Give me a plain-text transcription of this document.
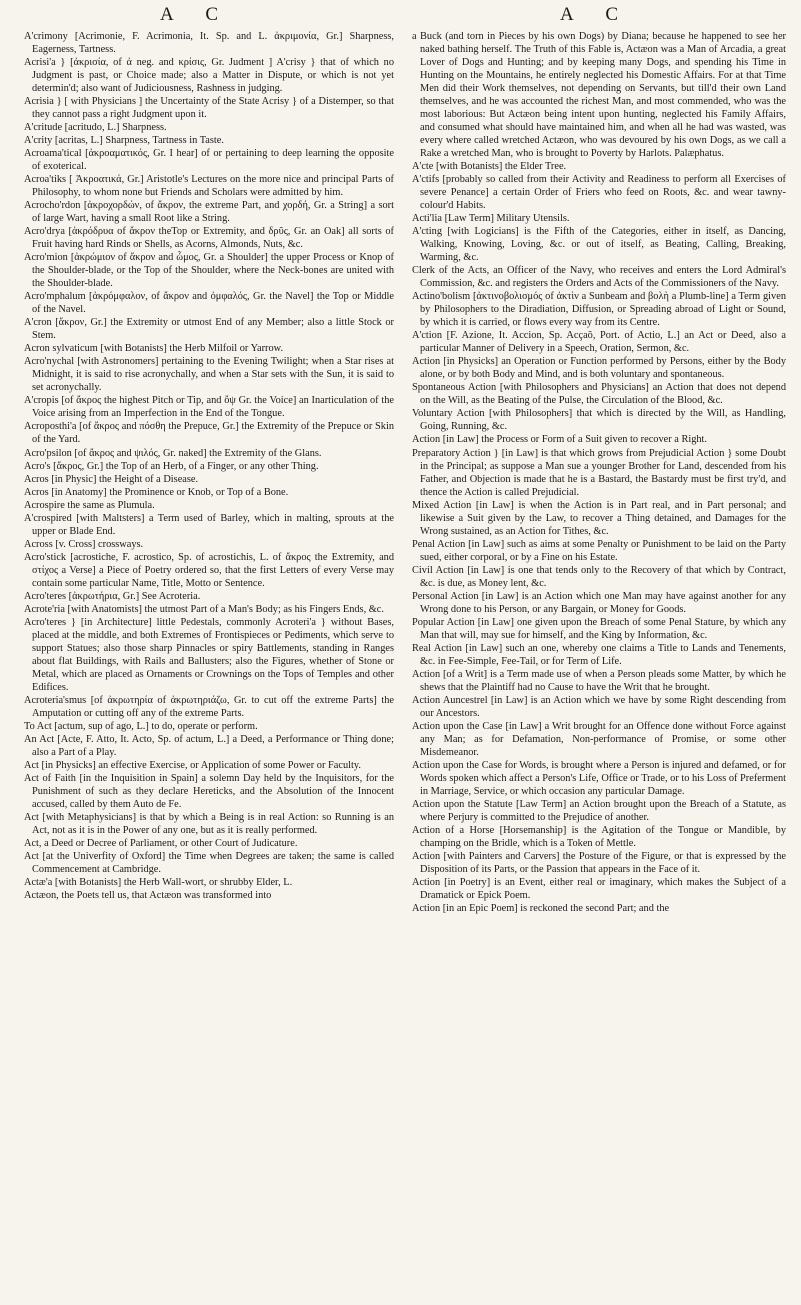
A C	A C

A'crimony [Acrimonie, F. Acrimonia, It. Sp. and L. ἀκριμονία, Gr.] Sharpness, Eagerness, Tartness.

Acrisi'a } [ἀκρισία, of ἀ neg. and κρίσις, Gr. Judment ] A'crisy } that of which no Judgment is past, or Choice made; also a Matter in Dispute, or which is not yet determin'd; also want of Judiciousness, Rashness in judging.

Acrisia } [ with Physicians ] the Uncertainty of the State Acrisy } of a Distemper, so that they cannot pass a right Judgment upon it.

A'critude [acritudo, L.] Sharpness.

A'crity [acritas, L.] Sharpness, Tartness in Taste.

Acroama'tical [ἀκροαματικός, Gr. I hear] of or pertaining to deep learning the opposite of exoterical.

Acroa'tiks [ Ἀκροατικά, Gr.] Aristotle's Lectures on the more nice and principal Parts of Philosophy, to whom none but Friends and Scholars were admitted by him.

Acrocho'rdon [ἀκροχορδών, of ἄκρον, the extreme Part, and χορδή, Gr. a String] a sort of large Wart, having a small Root like a String.

Acro'drya [ἀκρόδρυα of ἄκρον theTop or Extremity, and δρῦς, Gr. an Oak] all sorts of Fruit having hard Rinds or Shells, as Acorns, Almonds, Nuts, &c.

Acro'mion [ἀκρώμιον of ἄκρον and ὦμος, Gr. a Shoulder] the upper Process or Knop of the Shoulder-blade, or the Top of the Shoulder, where the Neck-bones are united with the Shoulder-blade.

Acro'mphalum [ἀκρόμφαλον, of ἄκρον and ὀμφαλός, Gr. the Navel] the Top or Middle of the Navel.

A'cron [ἄκρον, Gr.] the Extremity or utmost End of any Member; also a little Stock or Stem.

Acron sylvaticum [with Botanists] the Herb Milfoil or Yarrow.

Acro'nychal [with Astronomers] pertaining to the Evening Twilight; when a Star rises at Midnight, it is said to rise acronychally, and when a Star sets with the Sun, it is said to set acronychally.

A'cropis [of ἄκρος the highest Pitch or Tip, and ὄψ Gr. the Voice] an Inarticulation of the Voice arising from an Imperfection in the End of the Tongue.

Acroposthi'a [of ἄκρος and πόσθη the Prepuce, Gr.] the Extremity of the Prepuce or Skin of the Yard.

Acro'psilon [of ἄκρος and ψιλός, Gr. naked] the Extremity of the Glans.

Acro's [ἄκρος, Gr.] the Top of an Herb, of a Finger, or any other Thing.

Acros [in Physic] the Height of a Disease.

Acros [in Anatomy] the Prominence or Knob, or Top of a Bone.

Acrospire the same as Plumula.

A'crospired [with Maltsters] a Term used of Barley, which in malting, sprouts at the upper or Blade End.

Across [v. Cross] crossways.

Acro'stick [acrostiche, F. acrostico, Sp. of acrostichis, L. of ἄκρος the Extremity, and στίχος a Verse] a Piece of Poetry ordered so, that the first Letters of every Verse may contain some particular Name, Title, Motto or Sentence.

Acro'teres [ἀκρωτήρια, Gr.] See Acroteria.

Acrote'ria [with Anatomists] the utmost Part of a Man's Body; as his Fingers Ends, &c.

Acro'teres } [in Architecture] little Pedestals, commonly Acroteri'a } without Bases, placed at the middle, and both Extremes of Frontispieces or Pediments, which serve to support Statues; also those sharp Pinnacles or spiry Battlements, standing in Ranges about flat Buildings, with Rails and Ballusters; also the Figures, whether of Stone or Metal, which are placed as Ornaments or Crownings on the Tops of Temples and other Edifices.

Acroteria'smus [of ἀκρωτηρία of ἀκρωτηριάζω, Gr. to cut off the extreme Parts] the Amputation or cutting off any of the extreme Parts.

To Act [actum, sup of ago, L.] to do, operate or perform.

An Act [Acte, F. Atto, It. Acto, Sp. of actum, L.] a Deed, a Performance or Thing done; also a Part of a Play.

Act [in Physicks] an effective Exercise, or Application of some Power or Faculty.

Act of Faith [in the Inquisition in Spain] a solemn Day held by the Inquisitors, for the Punishment of such as they declare Hereticks, and the Absolution of the Innocent accused, called by them Auto de Fe.

Act [with Metaphysicians] is that by which a Being is in real Action: so Running is an Act, not as it is in the Power of any one, but as it is really performed.

Act, a Deed or Decree of Parliament, or other Court of Judicature.

Act [at the Univerfity of Oxford] the Time when Degrees are taken; the same is called Commencement at Cambridge.

Actæ'a [with Botanists] the Herb Wall-wort, or shrubby Elder, L.

Actæon, the Poets tell us, that Actæon was transformed into

a Buck (and torn in Pieces by his own Dogs) by Diana; because he happened to see her naked bathing herself. The Truth of this Fable is, Actæon was a Man of Arcadia, a great Lover of Dogs and Hunting; and by keeping many Dogs, and spending his Time in Hunting on the Mountains, he entirely neglected his Domestic Affairs. For at that Time Men did their Work themselves, not depending on Servants, but till'd their own Land themselves, and he was accounted the richest Man, and most commended, who was the most laborious: But Actæon being intent upon hunting, neglected his Family Affairs, and consumed what should have maintained him, and when all he had was wasted, was every where called wretched Actæon, who was devoured by his own Dogs, as we call a Rake a wretched Man, who is brought to Poverty by Harlots. Palæphatus.

A'cte [with Botanists] the Elder Tree.

A'ctifs [probably so called from their Activity and Readiness to perform all Exercises of severe Penance] a certain Order of Friers who feed on Roots, &c. and wear tawny-colour'd Habits.

Acti'lia [Law Term] Military Utensils.

A'cting [with Logicians] is the Fifth of the Categories, either in itself, as Dancing, Walking, Knowing, Loving, &c. or out of itself, as Beating, Calling, Breaking, Warming, &c.

Clerk of the Acts, an Officer of the Navy, who receives and enters the Lord Admiral's Commission, &c. and registers the Orders and Acts of the Commissioners of the Navy.

Actino'bolism [ἀκτινοβολισμός of ἀκτὶν a Sunbeam and βολὴ a Plumb-line] a Term given by Philosophers to the Diradiation, Diffusion, or Spreading abroad of Light or Sound, by which it is carried, or flows every way from its Centre.

A'ction [F. Azione, It. Accion, Sp. Acçaõ, Port. of Actio, L.] an Act or Deed, also a particular Manner of Delivery in a Speech, Oration, Sermon, &c.

Action [in Physicks] an Operation or Function performed by Persons, either by the Body alone, or by both Body and Mind, and is both voluntary and spontaneous.

Spontaneous Action [with Philosophers and Physicians] an Action that does not depend on the Will, as the Beating of the Pulse, the Circulation of the Blood, &c.

Voluntary Action [with Philosophers] that which is directed by the Will, as Handling, Going, Running, &c.

Action [in Law] the Process or Form of a Suit given to recover a Right.

Preparatory Action } [in Law] is that which grows from Prejudicial Action } some Doubt in the Principal; as suppose a Man sue a younger Brother for Land, descended from his Father, and Objection is made that he is a Bastard, the Bastardy must be first try'd, and thence the Action is called Prejudicial.

Mixed Action [in Law] is when the Action is in Part real, and in Part personal; and likewise a Suit given by the Law, to recover a Thing detained, and Damages for the Wrong sustained, as an Action for Tithes, &c.

Penal Action [in Law] such as aims at some Penalty or Punishment to be laid on the Party sued, either corporal, or by a Fine on his Estate.

Civil Action [in Law] is one that tends only to the Recovery of that which by Contract, &c. is due, as Money lent, &c.

Personal Action [in Law] is an Action which one Man may have against another for any Wrong done to his Person, or any Bargain, or Money for Goods.

Popular Action [in Law] one given upon the Breach of some Penal Stature, by which any Man that will, may sue for himself, and the King by Information, &c.

Real Action [in Law] such an one, whereby one claims a Title to Lands and Tenements, &c. in Fee-Simple, Fee-Tail, or for Term of Life.

Action [of a Writ] is a Term made use of when a Person pleads some Matter, by which he shews that the Plaintiff had no Cause to have the Writ that he brought.

Action Auncestrel [in Law] is an Action which we have by some Right descending from our Ancestors.

Action upon the Case [in Law] a Writ brought for an Offence done without Force against any Man; as for Defamation, Non-performance of Promise, or some other Misdemeanor.

Action upon the Case for Words, is brought where a Person is injured and defamed, or for Words spoken which affect a Person's Life, Office or Trade, or to his Loss of Preferment in Marriage, Service, or which occasion any particular Damage.

Action upon the Statute [Law Term] an Action brought upon the Breach of a Statute, as where Perjury is committed to the Prejudice of another.

Action of a Horse [Horsemanship] is the Agitation of the Tongue or Mandible, by champing on the Bridle, which is a Token of Mettle.

Action [with Painters and Carvers] the Posture of the Figure, or that is expressed by the Disposition of its Parts, or the Passion that appears in the Face of it.

Action [in Poetry] is an Event, either real or imaginary, which makes the Subject of a Dramatick or Epick Poem.

Action [in an Epic Poem] is reckoned the second Part; and the
